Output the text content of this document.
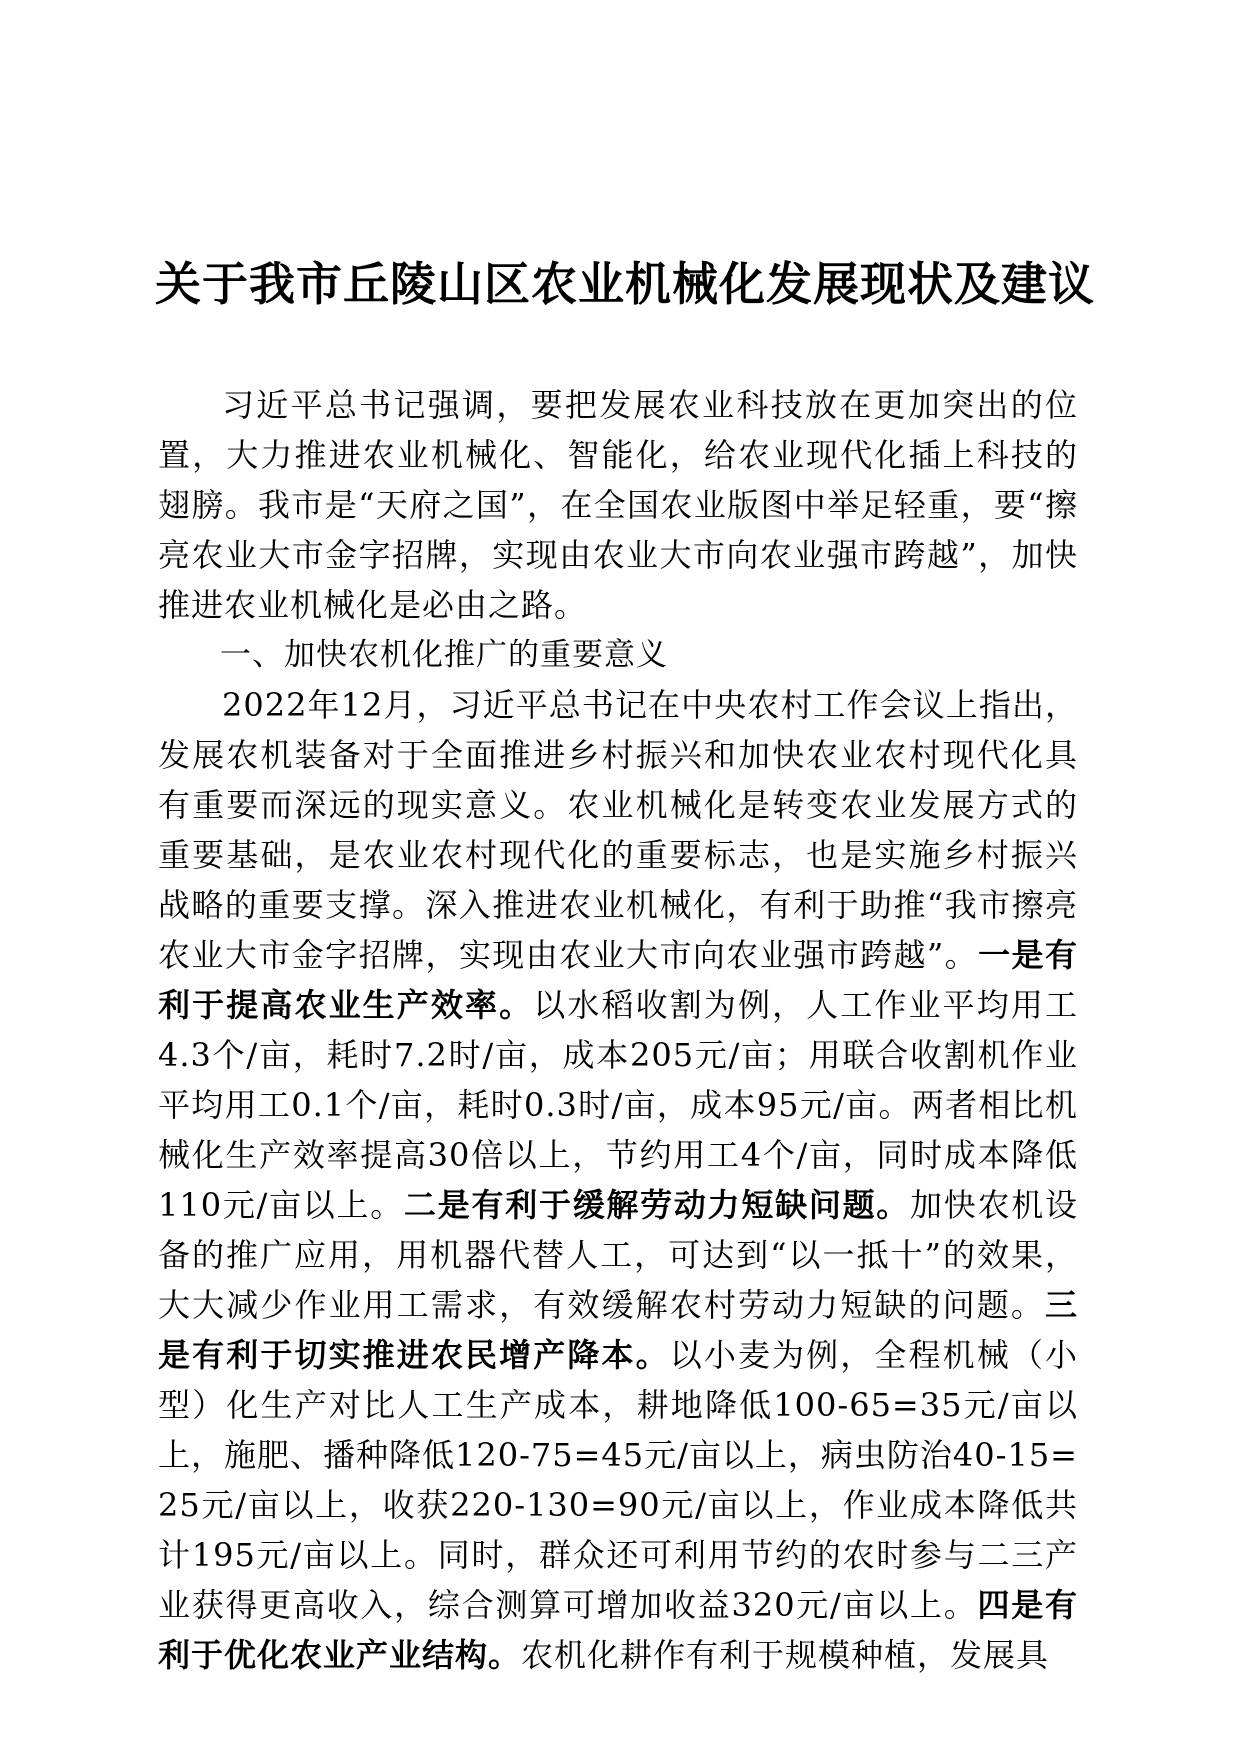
关于我市丘陵山区农业机械化发展现状及建议

习近平总书记强调，要把发展农业科技放在更加突出的位置，大力推进农业机械化、智能化，给农业现代化插上科技的翅膀。我市是“天府之国”，在全国农业版图中举足轻重，要“擦亮农业大市金字招牌，实现由农业大市向农业强市跨越”，加快推进农业机械化是必由之路。

一、加快农机化推广的重要意义

2022年12月，习近平总书记在中央农村工作会议上指出，发展农机装备对于全面推进乡村振兴和加快农业农村现代化具有重要而深远的现实意义。农业机械化是转变农业发展方式的重要基础，是农业农村现代化的重要标志，也是实施乡村振兴战略的重要支撑。深入推进农业机械化，有利于助推“我市擦亮农业大市金字招牌，实现由农业大市向农业强市跨越”。一是有利于提高农业生产效率。以水稻收割为例，人工作业平均用工4.3个/亩，耗时7.2时/亩，成本205元/亩；用联合收割机作业平均用工0.1个/亩，耗时0.3时/亩，成本95元/亩。两者相比机械化生产效率提高30倍以上，节约用工4个/亩，同时成本降低110元/亩以上。二是有利于缓解劳动力短缺问题。加快农机设备的推广应用，用机器代替人工，可达到“以一抵十”的效果，大大减少作业用工需求，有效缓解农村劳动力短缺的问题。三是有利于切实推进农民增产降本。以小麦为例，全程机械（小型）化生产对比人工生产成本，耕地降低100-65=35元/亩以上，施肥、播种降低120-75=45元/亩以上，病虫防治40-15=25元/亩以上，收获220-130=90元/亩以上，作业成本降低共计195元/亩以上。同时，群众还可利用节约的农时参与二三产业获得更高收入，综合测算可增加收益320元/亩以上。四是有利于优化农业产业结构。农机化耕作有利于规模种植，发展具
